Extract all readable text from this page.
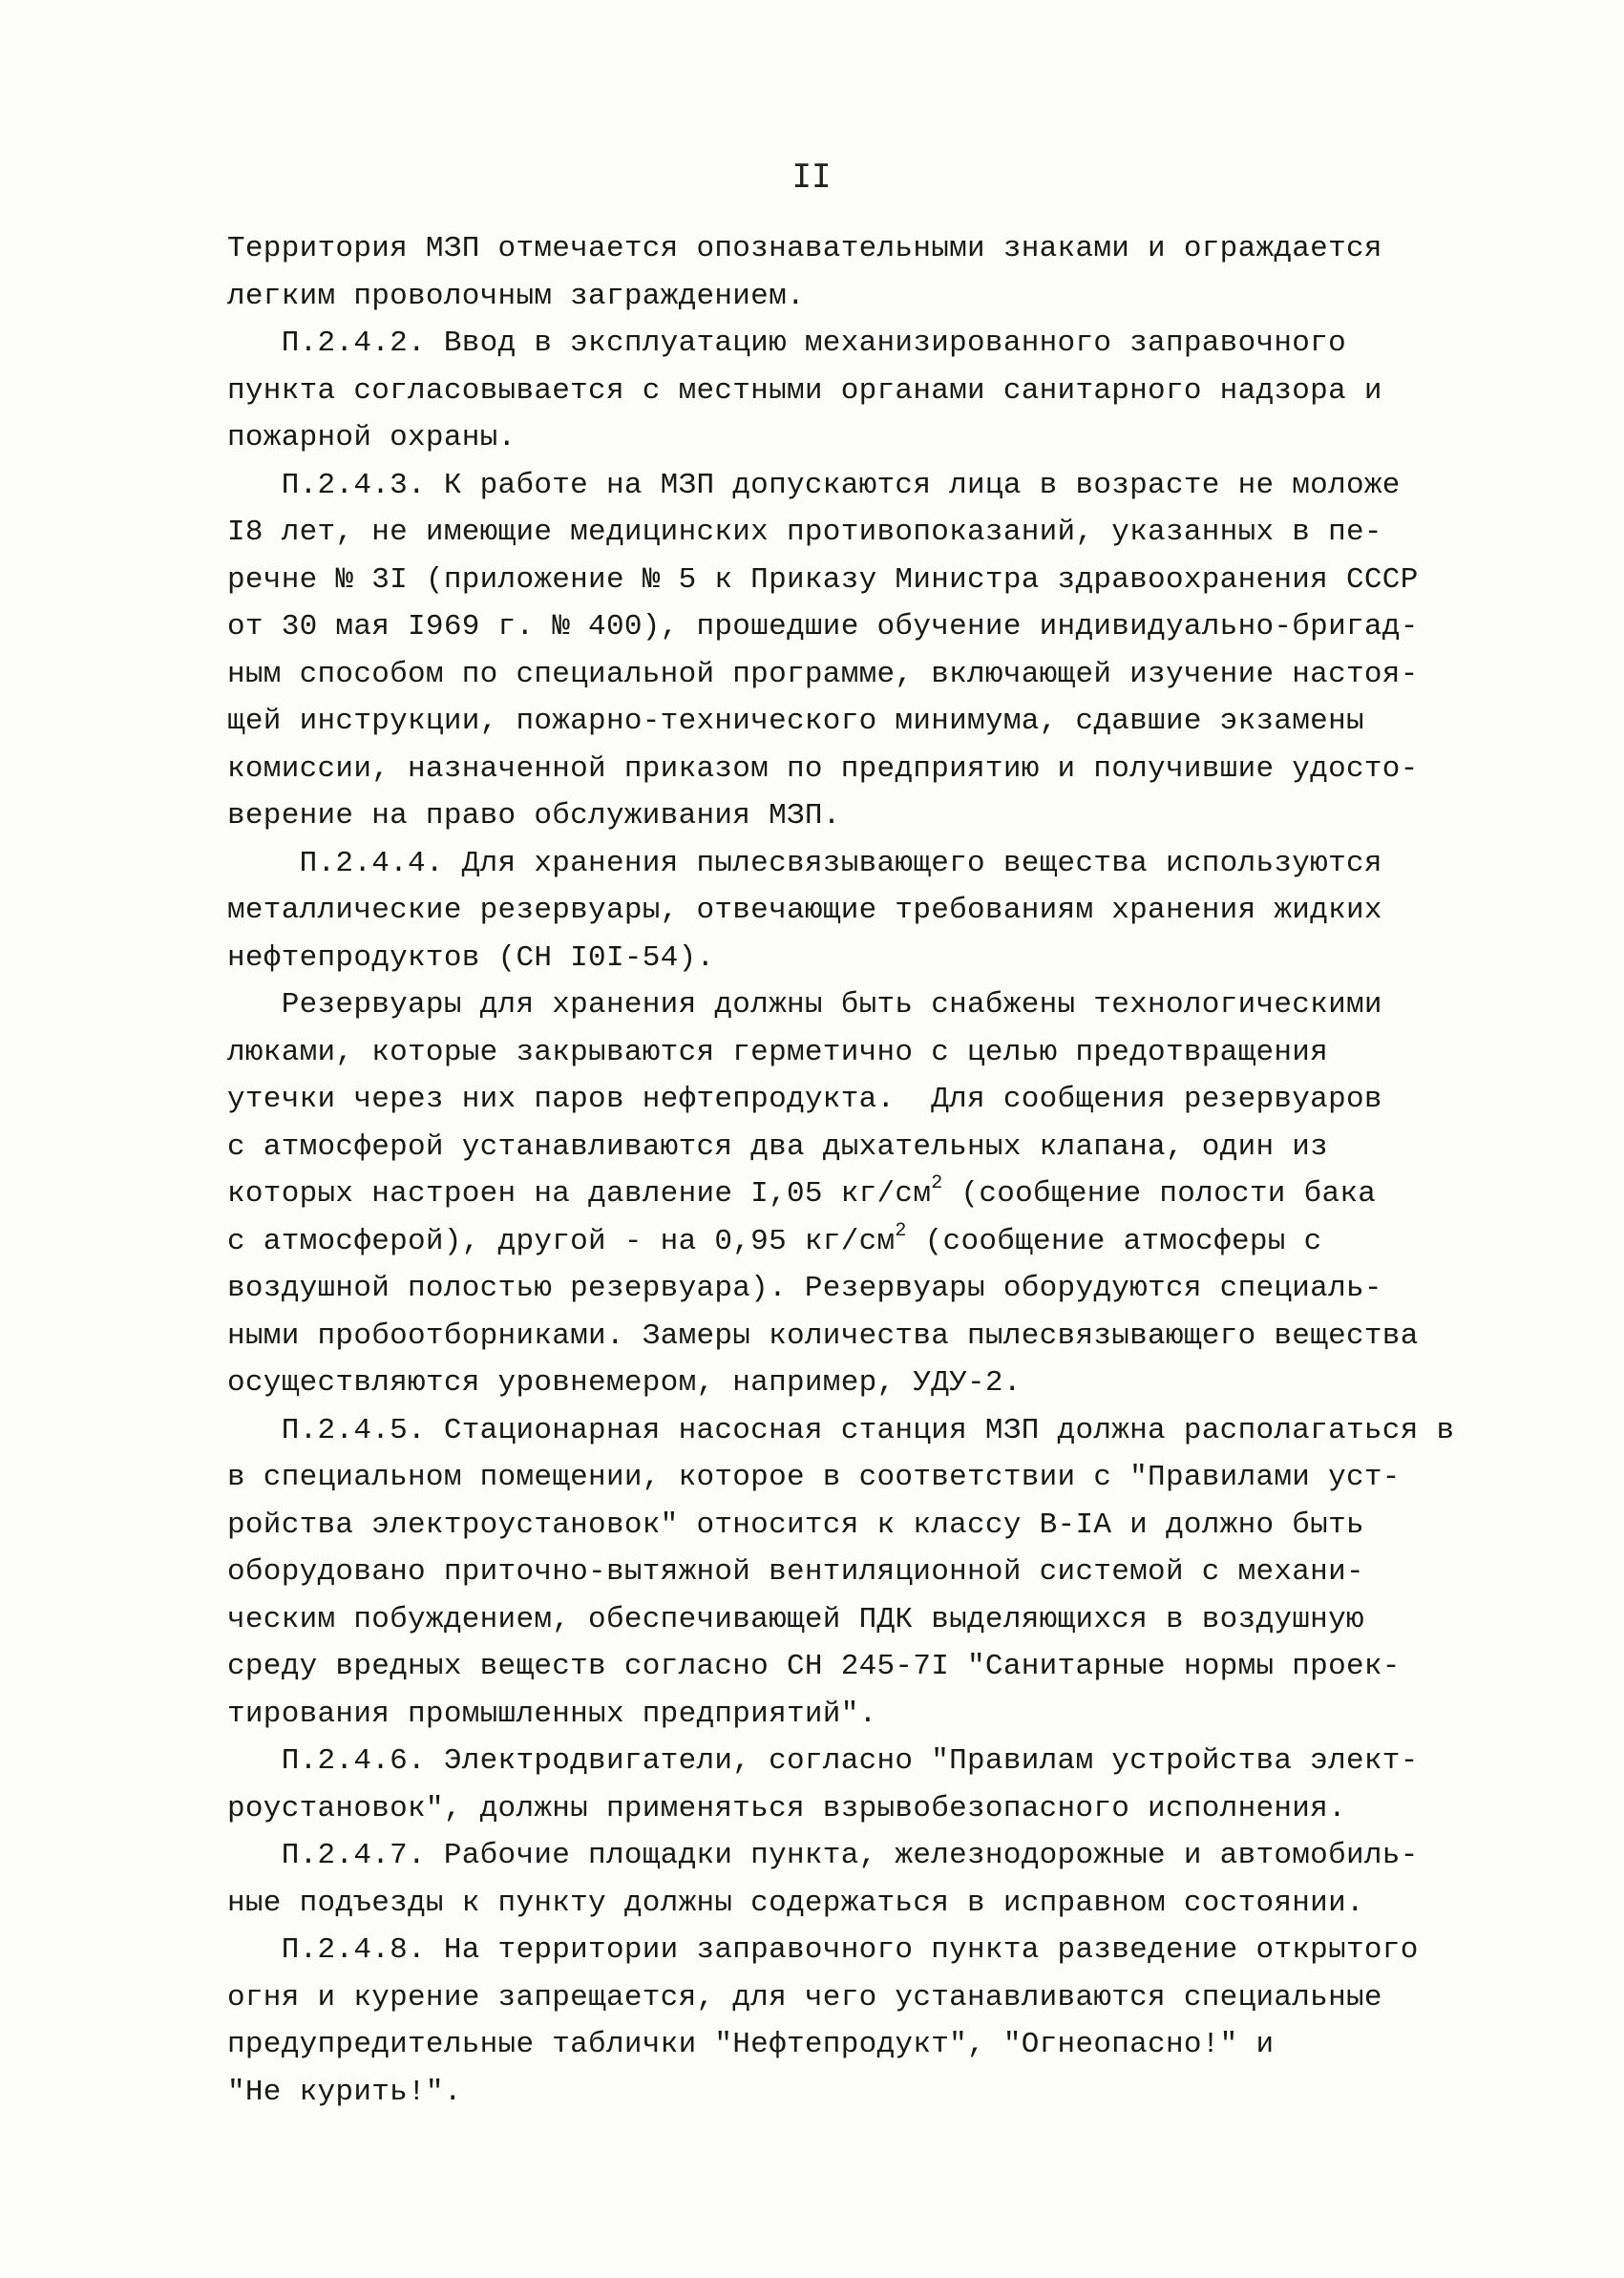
II
Территория МЗП отмечается опознавательными знаками и ограждается
легким проволочным заграждением.
П.2.4.2. Ввод в эксплуатацию механизированного заправочного
пункта согласовывается с местными органами санитарного надзора и
пожарной охраны.
П.2.4.3. К работе на МЗП допускаются лица в возрасте не моложе
I8 лет, не имеющие медицинских противопоказаний, указанных в пе-
речне № 3I (приложение № 5 к Приказу Министра здравоохранения СССР
от 30 мая I969 г. № 400), прошедшие обучение индивидуально-бригад-
ным способом по специальной программе, включающей изучение настоя-
щей инструкции, пожарно-технического минимума, сдавшие экзамены
комиссии, назначенной приказом по предприятию и получившие удосто-
верение на право обслуживания МЗП.
П.2.4.4. Для хранения пылесвязывающего вещества используются
металлические резервуары, отвечающие требованиям хранения жидких
нефтепродуктов (СН I0I-54).
Резервуары для хранения должны быть снабжены технологическими
люками, которые закрываются герметично с целью предотвращения
утечки через них паров нефтепродукта.  Для сообщения резервуаров
с атмосферой устанавливаются два дыхательных клапана, один из
которых настроен на давление I,05 $кг/см^2$ (сообщение полости бака
с атмосферой), другой - на 0,95 $кг/см^2$ (сообщение атмосферы с
воздушной полостью резервуара). Резервуары оборудуются специаль-
ными пробоотборниками. Замеры количества пылесвязывающего вещества
осуществляются уровнемером, например, УДУ-2.
П.2.4.5. Стационарная насосная станция МЗП должна располагаться в
в специальном помещении, которое в соответствии с "Правилами уст-
ройства электроустановок" относится к классу В-IA и должно быть
оборудовано приточно-вытяжной вентиляционной системой с механи-
ческим побуждением, обеспечивающей ПДК выделяющихся в воздушную
среду вредных веществ согласно СН 245-7I "Санитарные нормы проек-
тирования промышленных предприятий".
П.2.4.6. Электродвигатели, согласно "Правилам устройства элект-
роустановок", должны применяться взрывобезопасного исполнения.
П.2.4.7. Рабочие площадки пункта, железнодорожные и автомобиль-
ные подъезды к пункту должны содержаться в исправном состоянии.
П.2.4.8. На территории заправочного пункта разведение открытого
огня и курение запрещается, для чего устанавливаются специальные
предупредительные таблички "Нефтепродукт", "Огнеопасно!" и
"Не курить!".
